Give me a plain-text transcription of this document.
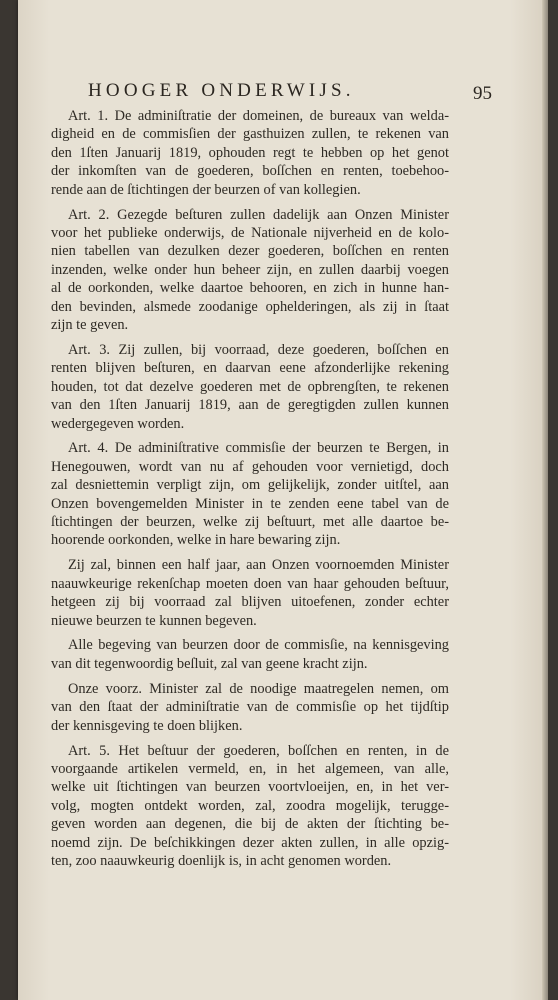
HOOGER ONDERWIJS.	95
Art. 1. De adminiſtratie der domeinen, de bureaux van welda-
digheid en de commisſien der gasthuizen zullen, te rekenen van
den 1ſten Januarij 1819, ophouden regt te hebben op het genot
der inkomſten van de goederen, boſſchen en renten, toebehoo-
rende aan de ſtichtingen der beurzen of van kollegien.
Art. 2. Gezegde beſturen zullen dadelijk aan Onzen Minister
voor het publieke onderwijs, de Nationale nijverheid en de kolo-
nien tabellen van dezulken dezer goederen, boſſchen en renten
inzenden, welke onder hun beheer zijn, en zullen daarbij voegen
al de oorkonden, welke daartoe behooren, en zich in hunne han-
den bevinden, alsmede zoodanige ophelderingen, als zij in ſtaat
zijn te geven.
Art. 3. Zij zullen, bij voorraad, deze goederen, boſſchen en
renten blijven beſturen, en daarvan eene afzonderlijke rekening
houden, tot dat dezelve goederen met de opbrengſten, te rekenen
van den 1ſten Januarij 1819, aan de geregtigden zullen kunnen
wedergegeven worden.
Art. 4. De adminiſtrative commisſie der beurzen te Bergen, in
Henegouwen, wordt van nu af gehouden voor vernietigd, doch
zal desniettemin verpligt zijn, om gelijkelijk, zonder uitſtel, aan
Onzen bovengemelden Minister in te zenden eene tabel van de
ſtichtingen der beurzen, welke zij beſtuurt, met alle daartoe be-
hoorende oorkonden, welke in hare bewaring zijn.
Zij zal, binnen een half jaar, aan Onzen voornoemden Minister
naauwkeurige rekenſchap moeten doen van haar gehouden beſtuur,
hetgeen zij bij voorraad zal blijven uitoefenen, zonder echter
nieuwe beurzen te kunnen begeven.
Alle begeving van beurzen door de commisſie, na kennisgeving
van dit tegenwoordig beſluit, zal van geene kracht zijn.
Onze voorz. Minister zal de noodige maatregelen nemen, om
van den ſtaat der adminiſtratie van de commisſie op het tijdſtip
der kennisgeving te doen blijken.
Art. 5. Het beſtuur der goederen, boſſchen en renten, in de
voorgaande artikelen vermeld, en, in het algemeen, van alle,
welke uit ſtichtingen van beurzen voortvloeijen, en, in het ver-
volg, mogten ontdekt worden, zal, zoodra mogelijk, terugge-
geven worden aan degenen, die bij de akten der ſtichting be-
noemd zijn. De beſchikkingen dezer akten zullen, in alle opzig-
ten, zoo naauwkeurig doenlijk is, in acht genomen worden.
